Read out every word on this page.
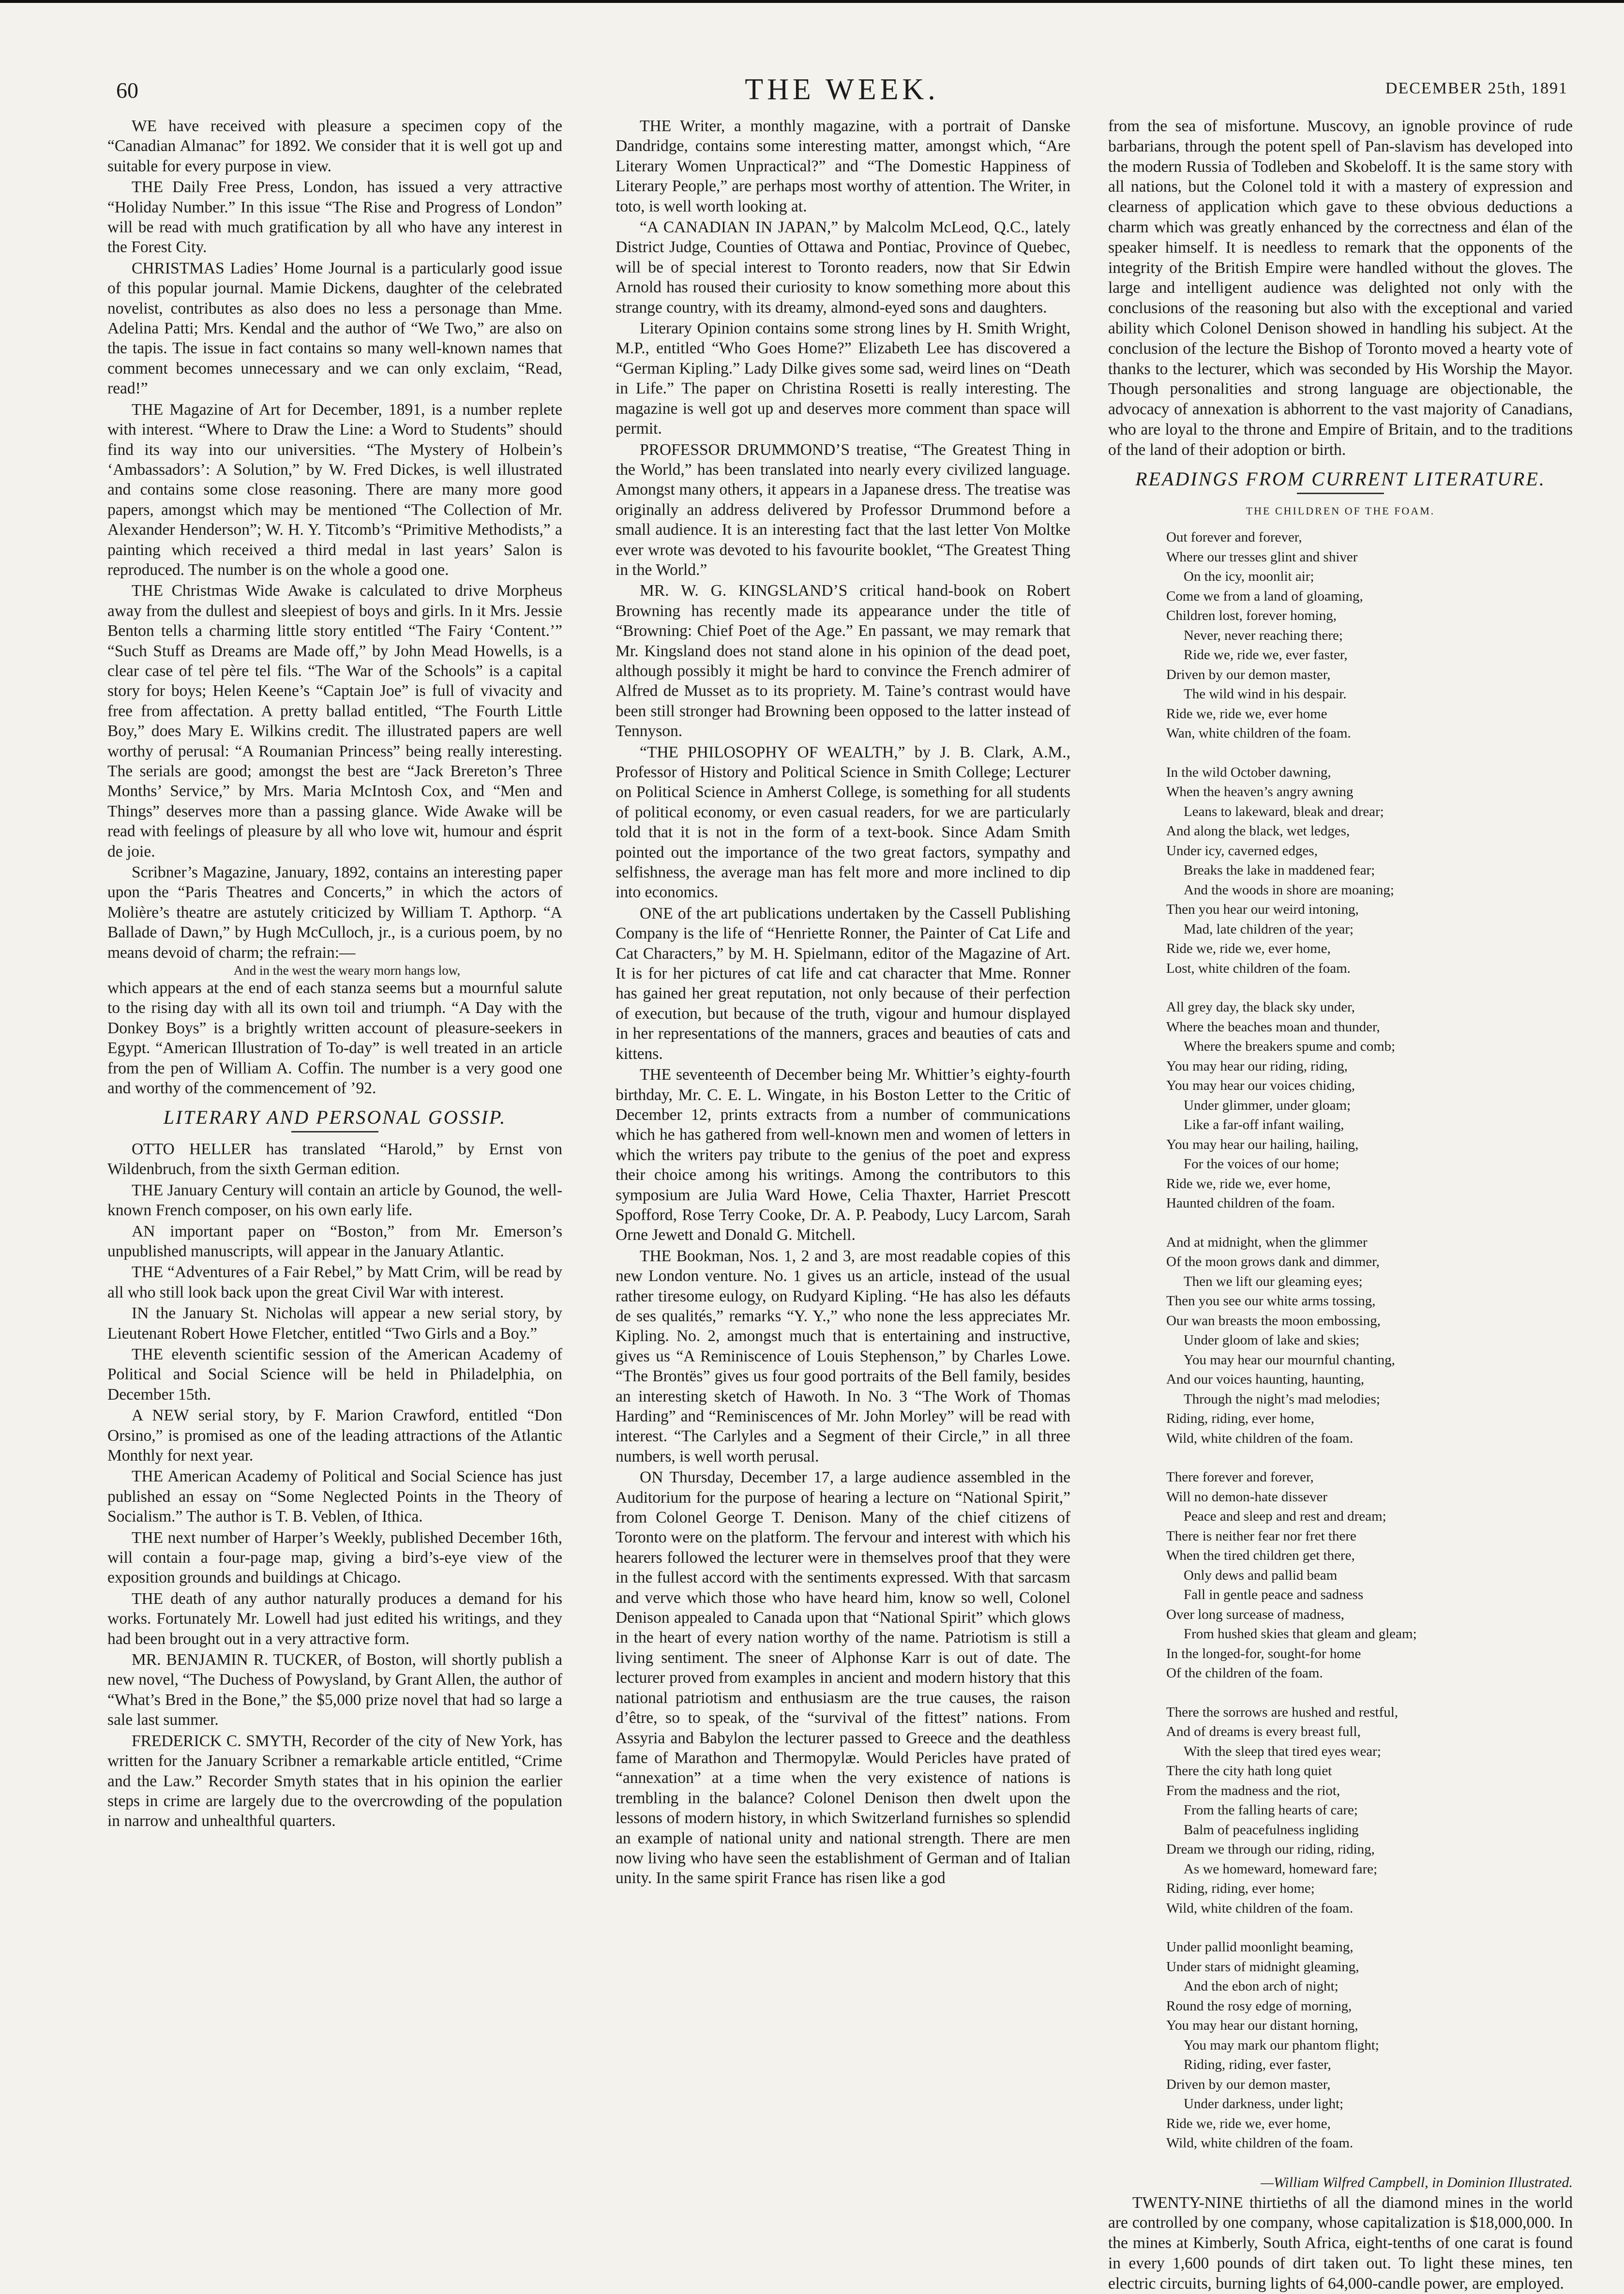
60	THE WEEK.	DECEMBER 25th, 1891

WE have received with pleasure a specimen copy of the “Canadian Almanac” for 1892. We consider that it is well got up and suitable for every purpose in view.

THE Daily Free Press, London, has issued a very attractive “Holiday Number.” In this issue “The Rise and Progress of London” will be read with much gratification by all who have any interest in the Forest City.

CHRISTMAS Ladies’ Home Journal is a particularly good issue of this popular journal. Mamie Dickens, daughter of the celebrated novelist, contributes as also does no less a personage than Mme. Adelina Patti; Mrs. Kendal and the author of “We Two,” are also on the tapis. The issue in fact contains so many well-known names that comment becomes unnecessary and we can only exclaim, “Read, read!”

THE Magazine of Art for December, 1891, is a number replete with interest. “Where to Draw the Line: a Word to Students” should find its way into our universities. “The Mystery of Holbein’s ‘Ambassadors’: A Solution,” by W. Fred Dickes, is well illustrated and contains some close reasoning. There are many more good papers, amongst which may be mentioned “The Collection of Mr. Alexander Henderson”; W. H. Y. Titcomb’s “Primitive Methodists,” a painting which received a third medal in last years’ Salon is reproduced. The number is on the whole a good one.

THE Christmas Wide Awake is calculated to drive Morpheus away from the dullest and sleepiest of boys and girls. In it Mrs. Jessie Benton tells a charming little story entitled “The Fairy ‘Content.’” “Such Stuff as Dreams are Made off,” by John Mead Howells, is a clear case of tel père tel fils. “The War of the Schools” is a capital story for boys; Helen Keene’s “Captain Joe” is full of vivacity and free from affectation. A pretty ballad entitled, “The Fourth Little Boy,” does Mary E. Wilkins credit. The illustrated papers are well worthy of perusal: “A Roumanian Princess” being really interesting. The serials are good; amongst the best are “Jack Brereton’s Three Months’ Service,” by Mrs. Maria McIntosh Cox, and “Men and Things” deserves more than a passing glance. Wide Awake will be read with feelings of pleasure by all who love wit, humour and ésprit de joie.

Scribner’s Magazine, January, 1892, contains an interesting paper upon the “Paris Theatres and Concerts,” in which the actors of Molière’s theatre are astutely criticized by William T. Apthorp. “A Ballade of Dawn,” by Hugh McCulloch, jr., is a curious poem, by no means devoid of charm; the refrain:—

And in the west the weary morn hangs low,

which appears at the end of each stanza seems but a mournful salute to the rising day with all its own toil and triumph. “A Day with the Donkey Boys” is a brightly written account of pleasure-seekers in Egypt. “American Illustration of To-day” is well treated in an article from the pen of William A. Coffin. The number is a very good one and worthy of the commencement of ’92.

LITERARY AND PERSONAL GOSSIP.

OTTO HELLER has translated “Harold,” by Ernst von Wildenbruch, from the sixth German edition.

THE January Century will contain an article by Gounod, the well-known French composer, on his own early life.

AN important paper on “Boston,” from Mr. Emerson’s unpublished manuscripts, will appear in the January Atlantic.

THE “Adventures of a Fair Rebel,” by Matt Crim, will be read by all who still look back upon the great Civil War with interest.

IN the January St. Nicholas will appear a new serial story, by Lieutenant Robert Howe Fletcher, entitled “Two Girls and a Boy.”

THE eleventh scientific session of the American Academy of Political and Social Science will be held in Philadelphia, on December 15th.

A NEW serial story, by F. Marion Crawford, entitled “Don Orsino,” is promised as one of the leading attractions of the Atlantic Monthly for next year.

THE American Academy of Political and Social Science has just published an essay on “Some Neglected Points in the Theory of Socialism.” The author is T. B. Veblen, of Ithica.

THE next number of Harper’s Weekly, published December 16th, will contain a four-page map, giving a bird’s-eye view of the exposition grounds and buildings at Chicago.

THE death of any author naturally produces a demand for his works. Fortunately Mr. Lowell had just edited his writings, and they had been brought out in a very attractive form.

MR. BENJAMIN R. TUCKER, of Boston, will shortly publish a new novel, “The Duchess of Powysland, by Grant Allen, the author of “What’s Bred in the Bone,” the $5,000 prize novel that had so large a sale last summer.

FREDERICK C. SMYTH, Recorder of the city of New York, has written for the January Scribner a remarkable article entitled, “Crime and the Law.” Recorder Smyth states that in his opinion the earlier steps in crime are largely due to the overcrowding of the population in narrow and unhealthful quarters.

THE Writer, a monthly magazine, with a portrait of Danske Dandridge, contains some interesting matter, amongst which, “Are Literary Women Unpractical?” and “The Domestic Happiness of Literary People,” are perhaps most worthy of attention. The Writer, in toto, is well worth looking at.

“A CANADIAN IN JAPAN,” by Malcolm McLeod, Q.C., lately District Judge, Counties of Ottawa and Pontiac, Province of Quebec, will be of special interest to Toronto readers, now that Sir Edwin Arnold has roused their curiosity to know something more about this strange country, with its dreamy, almond-eyed sons and daughters.

Literary Opinion contains some strong lines by H. Smith Wright, M.P., entitled “Who Goes Home?” Elizabeth Lee has discovered a “German Kipling.” Lady Dilke gives some sad, weird lines on “Death in Life.” The paper on Christina Rosetti is really interesting. The magazine is well got up and deserves more comment than space will permit.

PROFESSOR DRUMMOND’S treatise, “The Greatest Thing in the World,” has been translated into nearly every civilized language. Amongst many others, it appears in a Japanese dress. The treatise was originally an address delivered by Professor Drummond before a small audience. It is an interesting fact that the last letter Von Moltke ever wrote was devoted to his favourite booklet, “The Greatest Thing in the World.”

MR. W. G. KINGSLAND’S critical hand-book on Robert Browning has recently made its appearance under the title of “Browning: Chief Poet of the Age.” En passant, we may remark that Mr. Kingsland does not stand alone in his opinion of the dead poet, although possibly it might be hard to convince the French admirer of Alfred de Musset as to its propriety. M. Taine’s contrast would have been still stronger had Browning been opposed to the latter instead of Tennyson.

“THE PHILOSOPHY OF WEALTH,” by J. B. Clark, A.M., Professor of History and Political Science in Smith College; Lecturer on Political Science in Amherst College, is something for all students of political economy, or even casual readers, for we are particularly told that it is not in the form of a text-book. Since Adam Smith pointed out the importance of the two great factors, sympathy and selfishness, the average man has felt more and more inclined to dip into economics.

ONE of the art publications undertaken by the Cassell Publishing Company is the life of “Henriette Ronner, the Painter of Cat Life and Cat Characters,” by M. H. Spielmann, editor of the Magazine of Art. It is for her pictures of cat life and cat character that Mme. Ronner has gained her great reputation, not only because of their perfection of execution, but because of the truth, vigour and humour displayed in her representations of the manners, graces and beauties of cats and kittens.

THE seventeenth of December being Mr. Whittier’s eighty-fourth birthday, Mr. C. E. L. Wingate, in his Boston Letter to the Critic of December 12, prints extracts from a number of communications which he has gathered from well-known men and women of letters in which the writers pay tribute to the genius of the poet and express their choice among his writings. Among the contributors to this symposium are Julia Ward Howe, Celia Thaxter, Harriet Prescott Spofford, Rose Terry Cooke, Dr. A. P. Peabody, Lucy Larcom, Sarah Orne Jewett and Donald G. Mitchell.

THE Bookman, Nos. 1, 2 and 3, are most readable copies of this new London venture. No. 1 gives us an article, instead of the usual rather tiresome eulogy, on Rudyard Kipling. “He has also les défauts de ses qualités,” remarks “Y. Y.,” who none the less appreciates Mr. Kipling. No. 2, amongst much that is entertaining and instructive, gives us “A Reminiscence of Louis Stephenson,” by Charles Lowe. “The Brontës” gives us four good portraits of the Bell family, besides an interesting sketch of Hawoth. In No. 3 “The Work of Thomas Harding” and “Reminiscences of Mr. John Morley” will be read with interest. “The Carlyles and a Segment of their Circle,” in all three numbers, is well worth perusal.

ON Thursday, December 17, a large audience assembled in the Auditorium for the purpose of hearing a lecture on “National Spirit,” from Colonel George T. Denison. Many of the chief citizens of Toronto were on the platform. The fervour and interest with which his hearers followed the lecturer were in themselves proof that they were in the fullest accord with the sentiments expressed. With that sarcasm and verve which those who have heard him, know so well, Colonel Denison appealed to Canada upon that “National Spirit” which glows in the heart of every nation worthy of the name. Patriotism is still a living sentiment. The sneer of Alphonse Karr is out of date. The lecturer proved from examples in ancient and modern history that this national patriotism and enthusiasm are the true causes, the raison d’être, so to speak, of the “survival of the fittest” nations. From Assyria and Babylon the lecturer passed to Greece and the deathless fame of Marathon and Thermopylæ. Would Pericles have prated of “annexation” at a time when the very existence of nations is trembling in the balance? Colonel Denison then dwelt upon the lessons of modern history, in which Switzerland furnishes so splendid an example of national unity and national strength. There are men now living who have seen the establishment of German and of Italian unity. In the same spirit France has risen like a god

from the sea of misfortune. Muscovy, an ignoble province of rude barbarians, through the potent spell of Pan-slavism has developed into the modern Russia of Todleben and Skobeloff. It is the same story with all nations, but the Colonel told it with a mastery of expression and clearness of application which gave to these obvious deductions a charm which was greatly enhanced by the correctness and élan of the speaker himself. It is needless to remark that the opponents of the integrity of the British Empire were handled without the gloves. The large and intelligent audience was delighted not only with the conclusions of the reasoning but also with the exceptional and varied ability which Colonel Denison showed in handling his subject. At the conclusion of the lecture the Bishop of Toronto moved a hearty vote of thanks to the lecturer, which was seconded by His Worship the Mayor. Though personalities and strong language are objectionable, the advocacy of annexation is abhorrent to the vast majority of Canadians, who are loyal to the throne and Empire of Britain, and to the traditions of the land of their adoption or birth.

READINGS FROM CURRENT LITERATURE.
THE CHILDREN OF THE FOAM.
Out forever and forever,
Where our tresses glint and shiver
On the icy, moonlit air;
Come we from a land of gloaming,
Children lost, forever homing,
Never, never reaching there;
Ride we, ride we, ever faster,
Driven by our demon master,
The wild wind in his despair.
Ride we, ride we, ever home
Wan, white children of the foam.
In the wild October dawning,
When the heaven’s angry awning
Leans to lakeward, bleak and drear;
And along the black, wet ledges,
Under icy, caverned edges,
Breaks the lake in maddened fear;
And the woods in shore are moaning;
Then you hear our weird intoning,
Mad, late children of the year;
Ride we, ride we, ever home,
Lost, white children of the foam.
All grey day, the black sky under,
Where the beaches moan and thunder,
Where the breakers spume and comb;
You may hear our riding, riding,
You may hear our voices chiding,
Under glimmer, under gloam;
Like a far-off infant wailing,
You may hear our hailing, hailing,
For the voices of our home;
Ride we, ride we, ever home,
Haunted children of the foam.
And at midnight, when the glimmer
Of the moon grows dank and dimmer,
Then we lift our gleaming eyes;
Then you see our white arms tossing,
Our wan breasts the moon embossing,
Under gloom of lake and skies;
You may hear our mournful chanting,
And our voices haunting, haunting,
Through the night’s mad melodies;
Riding, riding, ever home,
Wild, white children of the foam.
There forever and forever,
Will no demon-hate dissever
Peace and sleep and rest and dream;
There is neither fear nor fret there
When the tired children get there,
Only dews and pallid beam
Fall in gentle peace and sadness
Over long surcease of madness,
From hushed skies that gleam and gleam;
In the longed-for, sought-for home
Of the children of the foam.
There the sorrows are hushed and restful,
And of dreams is every breast full,
With the sleep that tired eyes wear;
There the city hath long quiet
From the madness and the riot,
From the falling hearts of care;
Balm of peacefulness ingliding
Dream we through our riding, riding,
As we homeward, homeward fare;
Riding, riding, ever home;
Wild, white children of the foam.
Under pallid moonlight beaming,
Under stars of midnight gleaming,
And the ebon arch of night;
Round the rosy edge of morning,
You may hear our distant horning,
You may mark our phantom flight;
Riding, riding, ever faster,
Driven by our demon master,
Under darkness, under light;
Ride we, ride we, ever home,
Wild, white children of the foam.

—William Wilfred Campbell, in Dominion Illustrated.

TWENTY-NINE thirtieths of all the diamond mines in the world are controlled by one company, whose capitalization is $18,000,000. In the mines at Kimberly, South Africa, eight-tenths of one carat is found in every 1,600 pounds of dirt taken out. To light these mines, ten electric circuits, burning lights of 64,000-candle power, are employed.
